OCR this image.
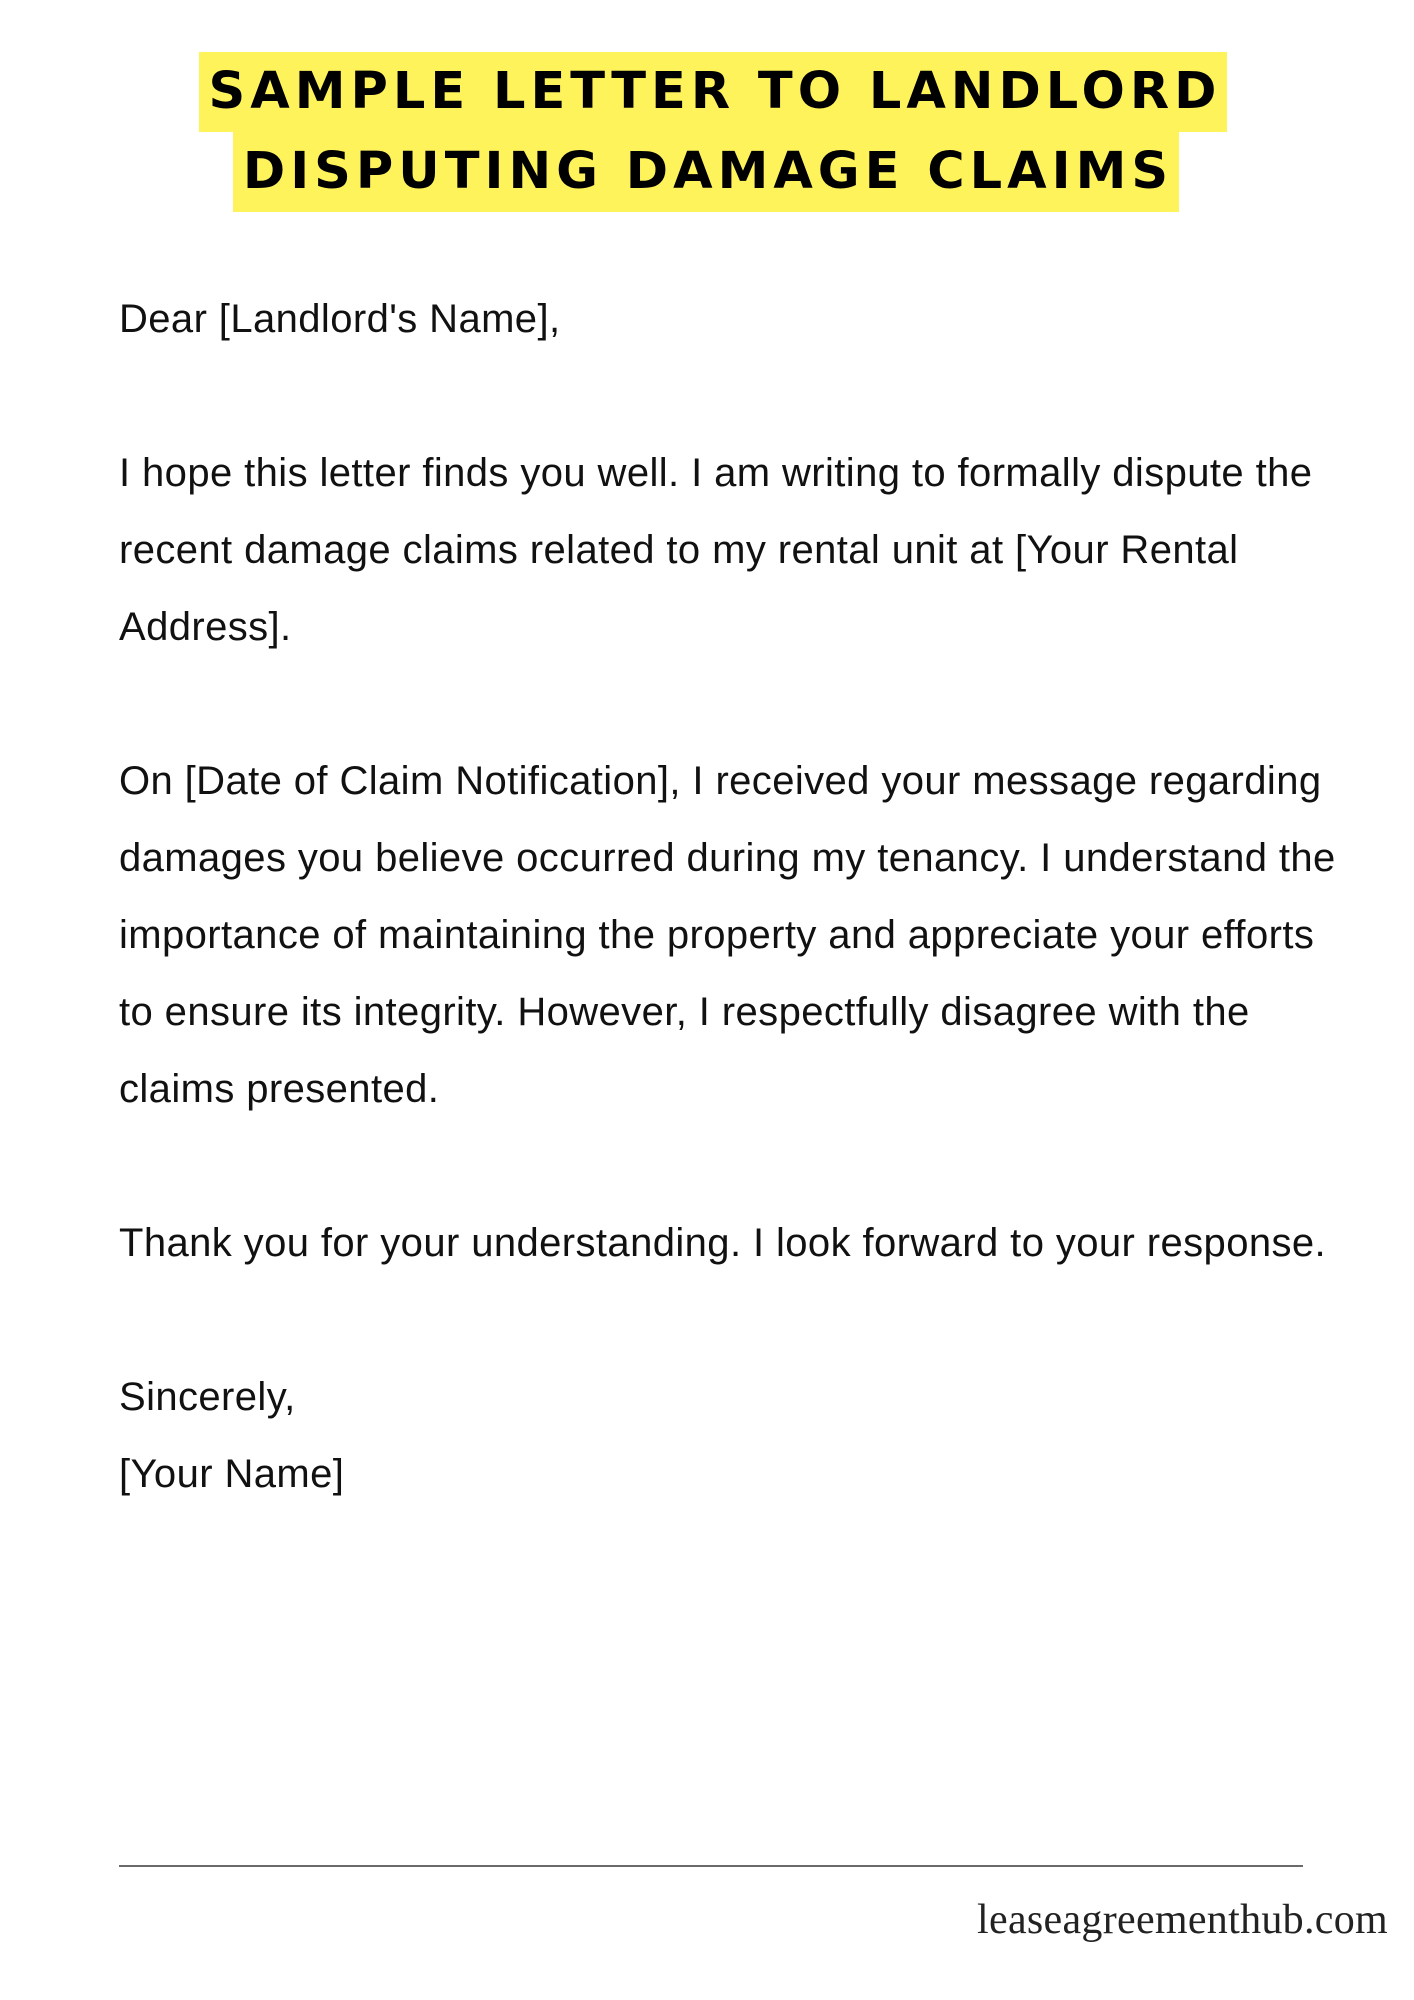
SAMPLE LETTER TO LANDLORD
DISPUTING DAMAGE CLAIMS

Dear [Landlord's Name],

I hope this letter finds you well. I am writing to formally dispute the recent damage claims related to my rental unit at [Your Rental Address].

On [Date of Claim Notification], I received your message regarding damages you believe occurred during my tenancy. I understand the importance of maintaining the property and appreciate your efforts to ensure its integrity. However, I respectfully disagree with the claims presented.

Thank you for your understanding. I look forward to your response.

Sincerely,

[Your Name]

leaseagreementhub.com
